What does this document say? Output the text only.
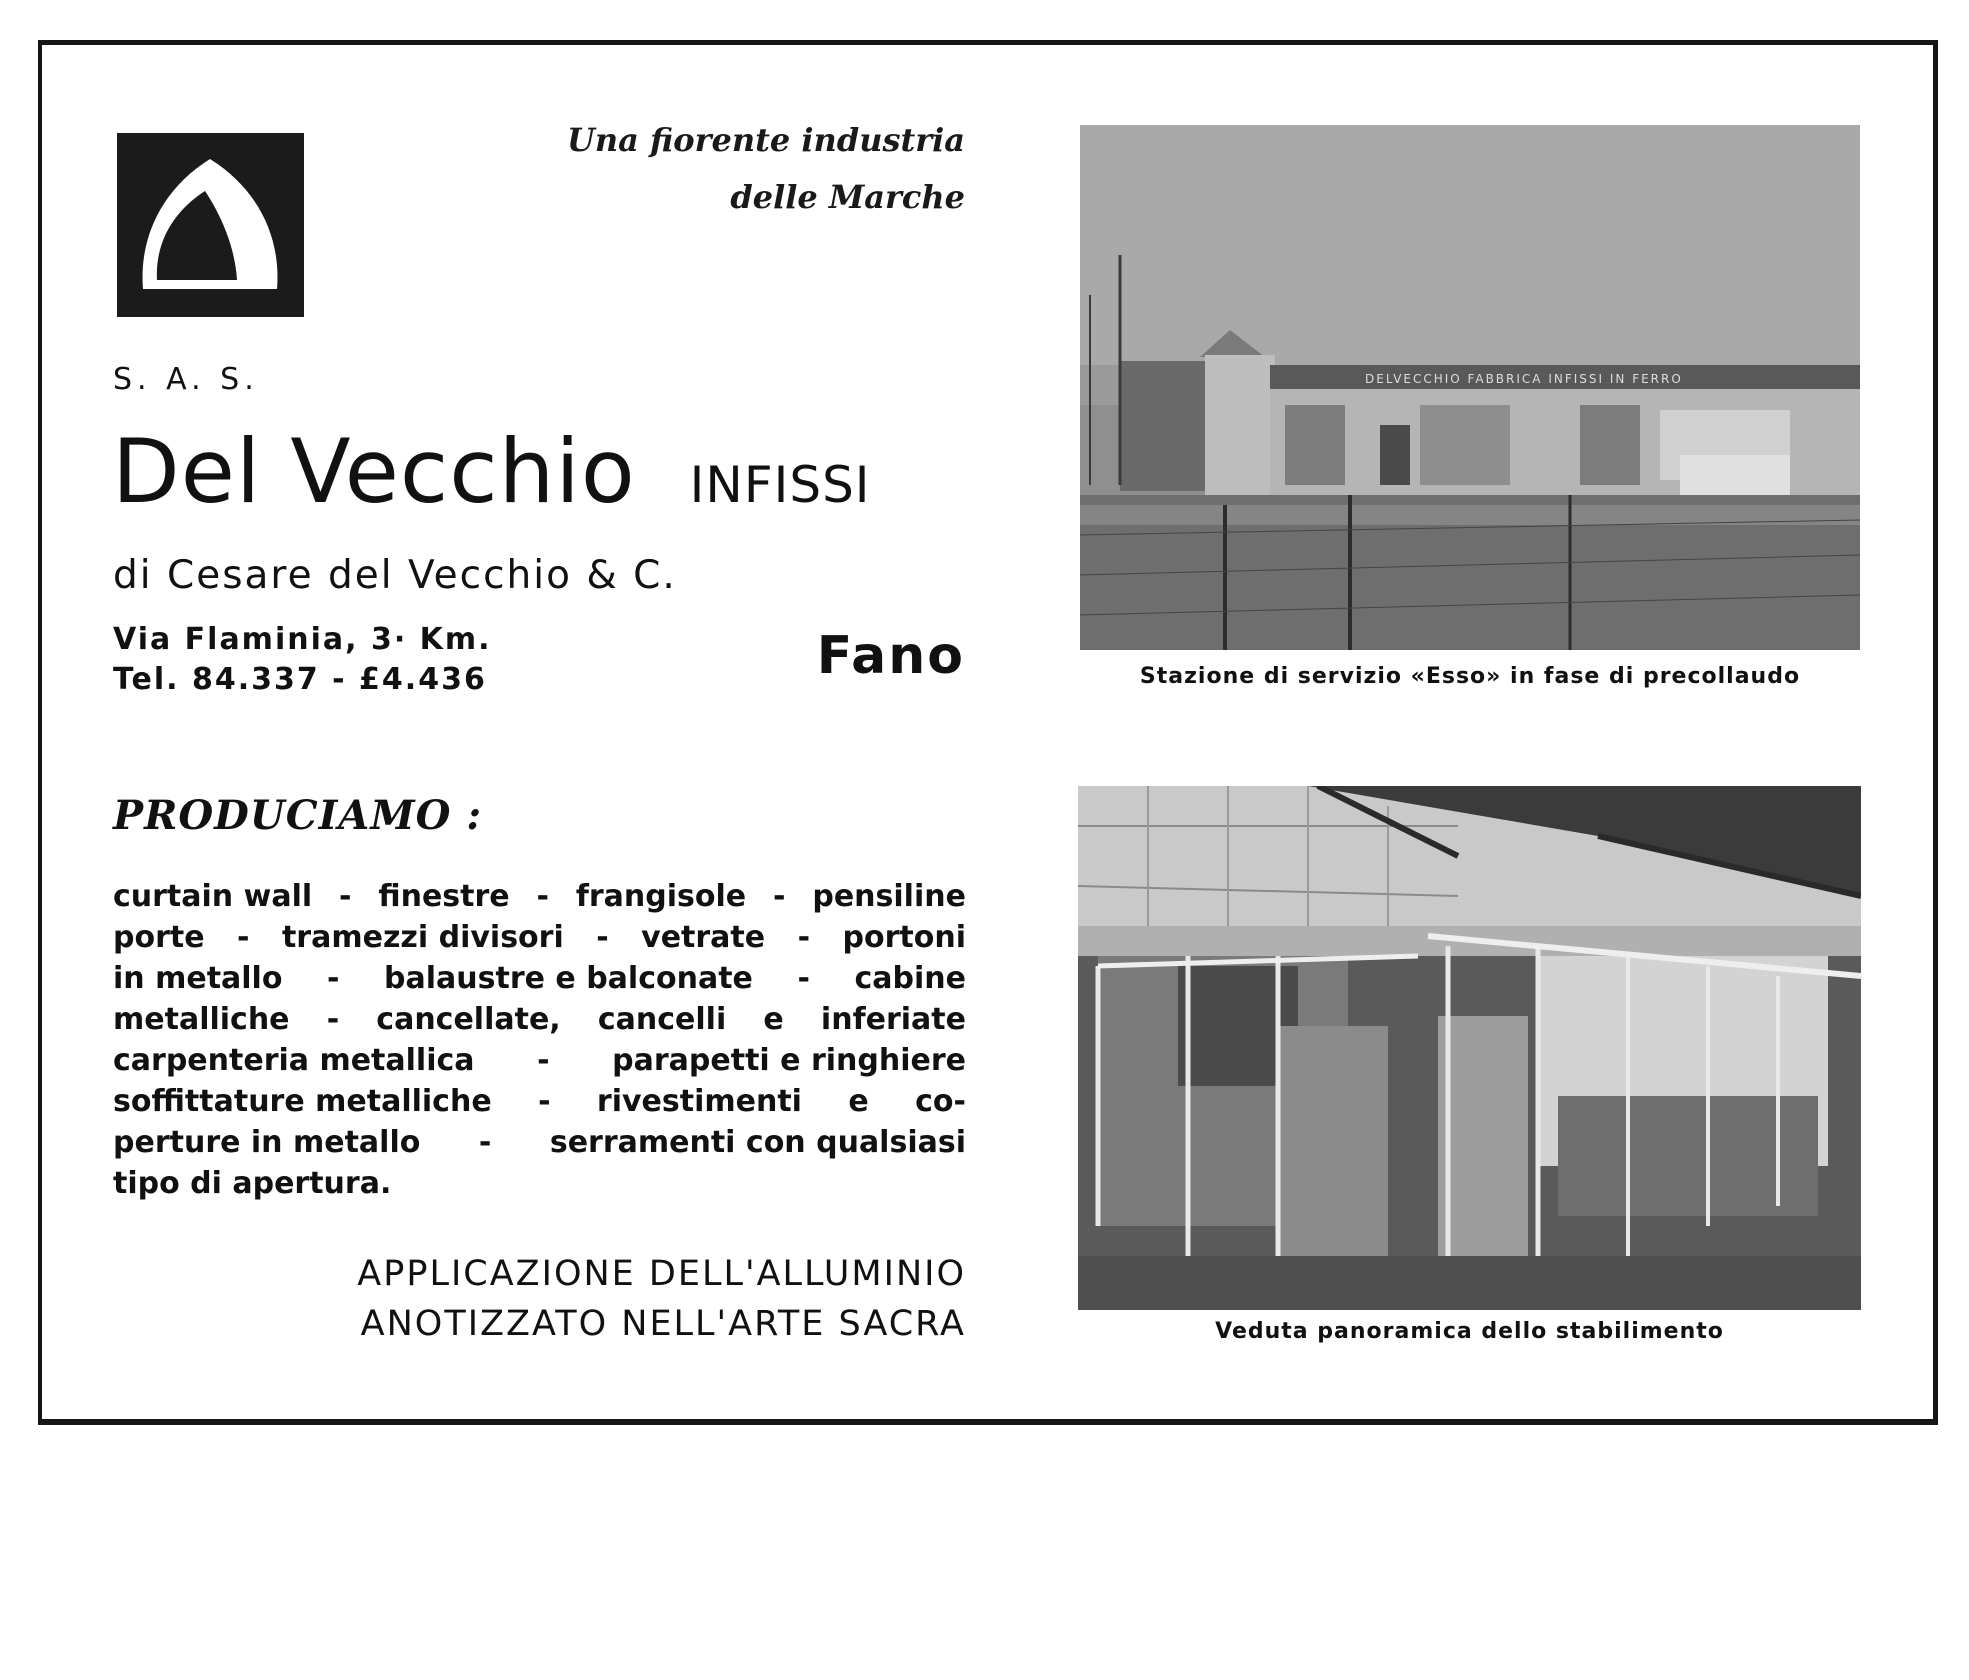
Una fiorente industria
delle Marche
S. A. S.
Del Vecchio INFISSI
di Cesare del Vecchio & C.
Via Flaminia, 3· Km.
Tel. 84.337 - £4.436	Fano
PRODUCIAMO :
curtain wall - finestre - frangisole - pensiline
porte - tramezzi divisori - vetrate - portoni
in metallo - balaustre e balconate - cabine
metalliche - cancellate, cancelli e inferiate
carpenteria metallica - parapetti e ringhiere
soffittature metalliche - rivestimenti e co-
perture in metallo - serramenti con qualsiasi
tipo di apertura.
APPLICAZIONE DELL'ALLUMINIO
ANOTIZZATO NELL'ARTE SACRA
DELVECCHIO FABBRICA INFISSI IN FERRO
Stazione di servizio «Esso» in fase di precollaudo
Veduta panoramica dello stabilimento
